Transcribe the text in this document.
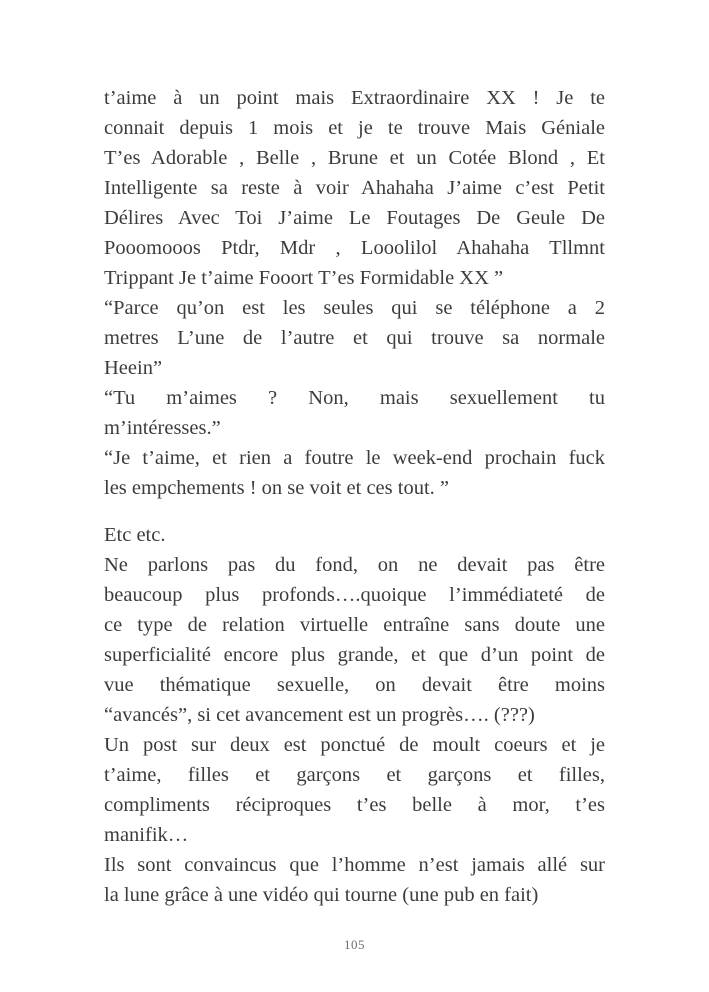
t’aime à un point mais Extraordinaire XX ! Je te
connait depuis 1 mois et je te trouve Mais Géniale
T’es Adorable , Belle , Brune et un Cotée Blond , Et
Intelligente sa reste à voir Ahahaha J’aime c’est Petit
Délires Avec Toi J’aime Le Foutages De Geule De
Pooomooos Ptdr, Mdr , Looolilol Ahahaha Tllmnt
Trippant Je t’aime Fooort T’es Formidable XX ”
“Parce qu’on est les seules qui se téléphone a 2
metres L’une de l’autre et qui trouve sa normale
Heein”
“Tu m’aimes ? Non, mais sexuellement tu
m’intéresses.”
“Je t’aime, et rien a foutre le week-end prochain fuck
les empchements ! on se voit et ces tout. ”
Etc etc.
Ne parlons pas du fond, on ne devait pas être
beaucoup plus profonds….quoique l’immédiateté de
ce type de relation virtuelle entraîne sans doute une
superficialité encore plus grande, et que d’un point de
vue thématique sexuelle, on devait être moins
“avancés”, si cet avancement est un progrès…. (???)
Un post sur deux est ponctué de moult coeurs et je
t’aime, filles et garçons et garçons et filles,
compliments réciproques t’es belle à mor, t’es
manifik…
Ils sont convaincus que l’homme n’est jamais allé sur
la lune grâce à une vidéo qui tourne (une pub en fait)
105
